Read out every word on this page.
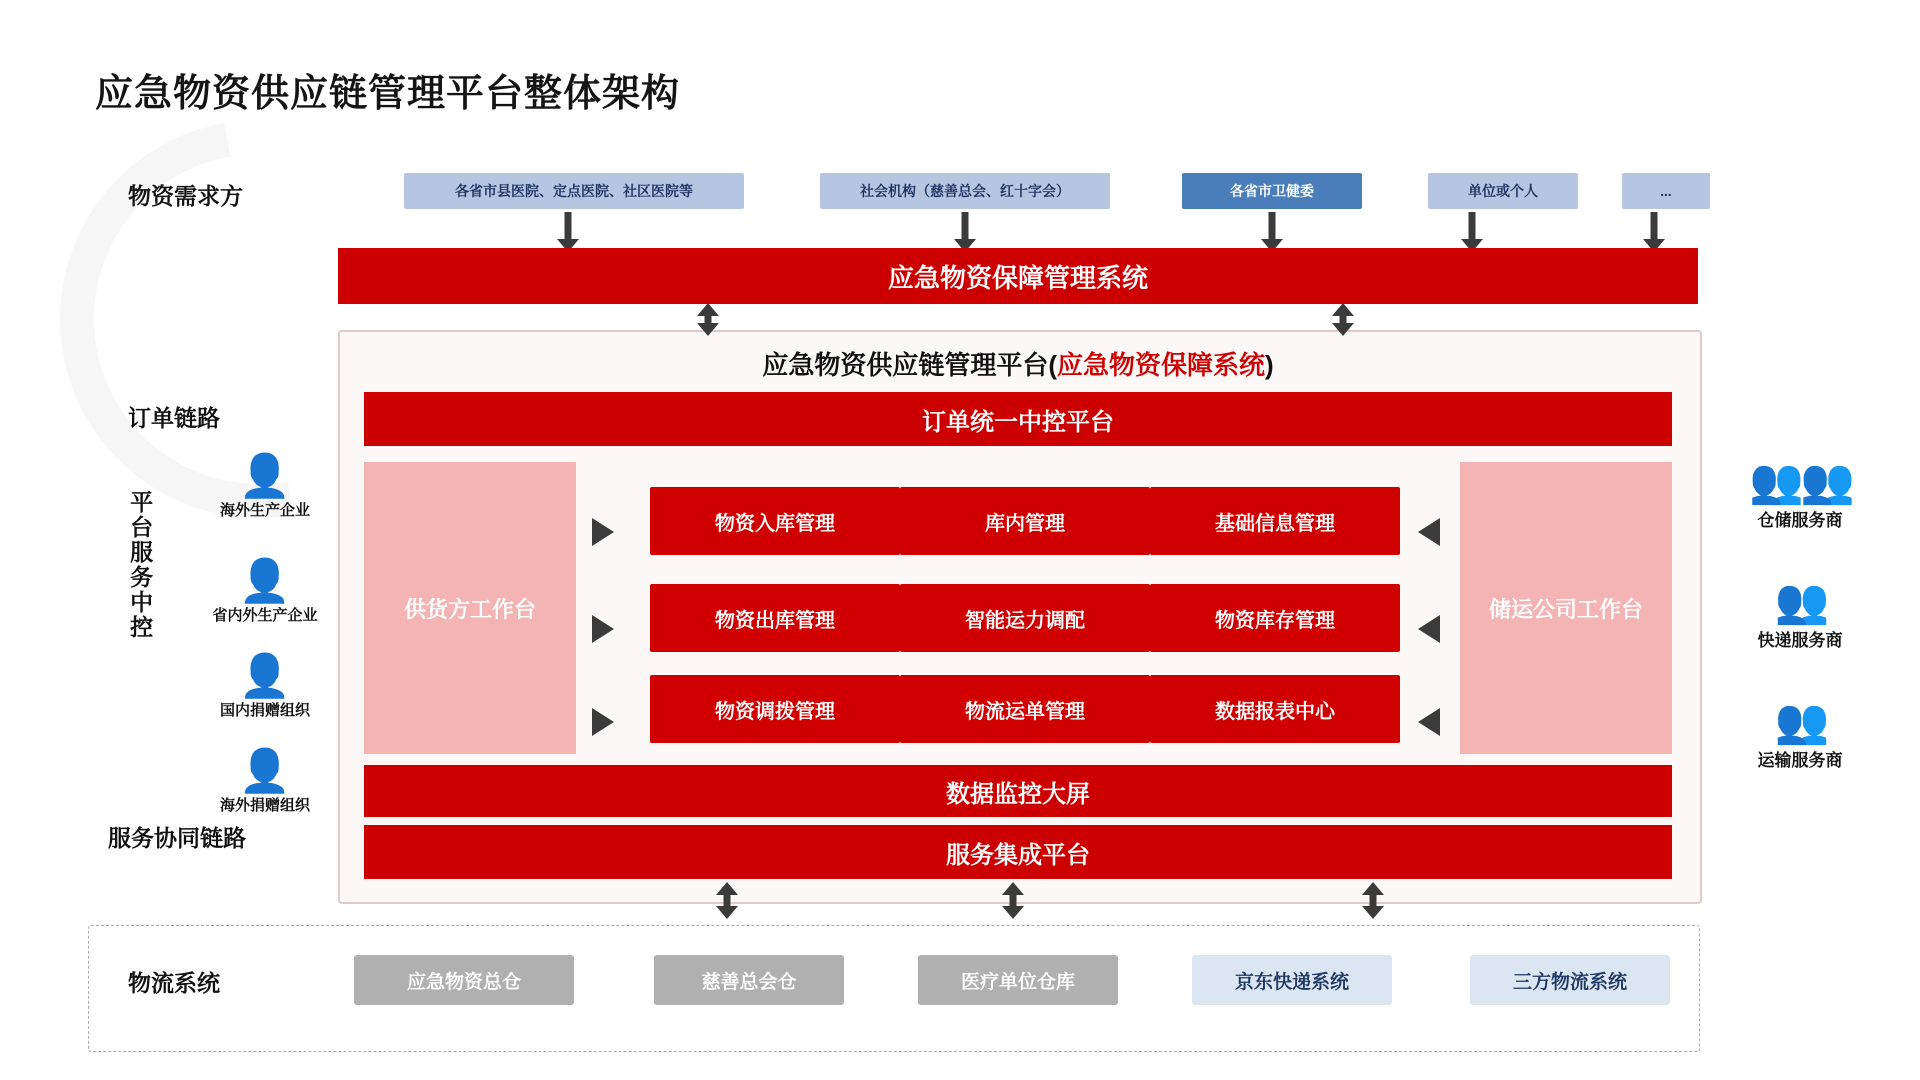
应急物资供应链管理平台整体架构
物资需求方
订单链路
平台服务中控
服务协同链路
物流系统
各省市县医院、定点医院、社区医院等	社会机构（慈善总会、红十字会）	各省市卫健委	单位或个人	...
应急物资保障管理系统
应急物资供应链管理平台(应急物资保障系统)
订单统一中控平台
供货方工作台	储运公司工作台
物资入库管理	库内管理	基础信息管理
物资出库管理	智能运力调配	物资库存管理
物资调拨管理	物流运单管理	数据报表中心
数据监控大屏
服务集成平台
👤
海外生产企业
👤
省内外生产企业
👤
国内捐赠组织
👤
海外捐赠组织
👥👥
仓储服务商
👥
快递服务商
👥
运输服务商
应急物资总仓	慈善总会仓	医疗单位仓库	京东快递系统	三方物流系统
